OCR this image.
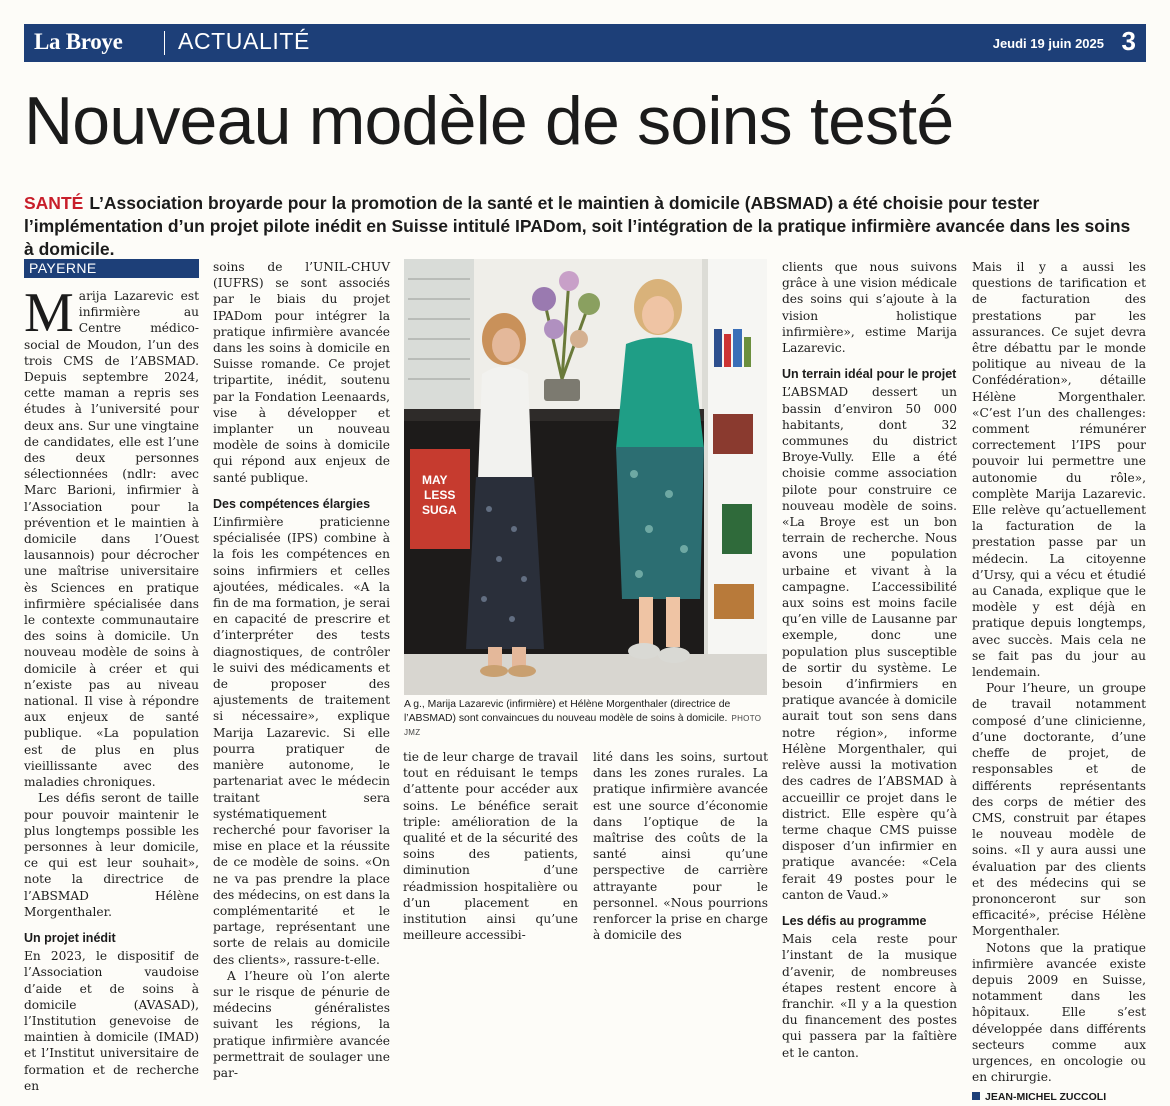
La Broye ACTUALITÉ	Jeudi 19 juin 2025 3
Nouveau modèle de soins testé

SANTÉ L’Association broyarde pour la promotion de la santé et le maintien à domicile (ABSMAD) a été choisie pour tester l’implémentation d’un projet pilote inédit en Suisse intitulé IPADom, soit l’intégration de la pratique infirmière avancée dans les soins à domicile.

PAYERNE

Marija Lazarevic est infirmière au Centre médico-social de Moudon, l’un des trois CMS de l’ABSMAD. Depuis septembre 2024, cette maman a repris ses études à l’université pour deux ans. Sur une vingtaine de candidates, elle est l’une des deux personnes sélectionnées (ndlr: avec Marc Barioni, infirmier à l’Association pour la prévention et le maintien à domicile dans l’Ouest lausannois) pour décrocher une maîtrise universitaire ès Sciences en pratique infirmière spécialisée dans le contexte communautaire des soins à domicile. Un nouveau modèle de soins à domicile à créer et qui n’existe pas au niveau national. Il vise à répondre aux enjeux de santé publique. «La population est de plus en plus vieillissante avec des maladies chroniques.

Les défis seront de taille pour pouvoir maintenir le plus longtemps possible les personnes à leur domicile, ce qui est leur souhait», note la directrice de l’ABSMAD Hélène Morgenthaler.

Un projet inédit

En 2023, le dispositif de l’Association vaudoise d’aide et de soins à domicile (AVASAD), l’Institution genevoise de maintien à domicile (IMAD) et l’Institut universitaire de formation et de recherche en

soins de l’UNIL-CHUV (IUFRS) se sont associés par le biais du projet IPADom pour intégrer la pratique infirmière avancée dans les soins à domicile en Suisse romande. Ce projet tripartite, inédit, soutenu par la Fondation Leenaards, vise à développer et implanter un nouveau modèle de soins à domicile qui répond aux enjeux de santé publique.

Des compétences élargies

L’infirmière praticienne spécialisée (IPS) combine à la fois les compétences en soins infirmiers et celles ajoutées, médicales. «A la fin de ma formation, je serai en capacité de prescrire et d’interpréter des tests diagnostiques, de contrôler le suivi des médicaments et de proposer des ajustements de traitement si nécessaire», explique Marija Lazarevic. Si elle pourra pratiquer de manière autonome, le partenariat avec le médecin traitant sera systématiquement recherché pour favoriser la mise en place et la réussite de ce modèle de soins. «On ne va pas prendre la place des médecins, on est dans la complémentarité et le partage, représentant une sorte de relais au domicile des clients», rassure-t-elle.

A l’heure où l’on alerte sur le risque de pénurie de médecins généralistes suivant les régions, la pratique infirmière avancée permettrait de soulager une par-

MAY
LESS
SUGA
A g., Marija Lazarevic (infirmière) et Hélène Morgenthaler (directrice de l’ABSMAD) sont convaincues du nouveau modèle de soins à domicile. PHOTO JMZ

tie de leur charge de travail tout en réduisant le temps d’attente pour accéder aux soins. Le bénéfice serait triple: amélioration de la qualité et de la sécurité des soins des patients, diminution d’une réadmission hospitalière ou d’un placement en institution ainsi qu’une meilleure accessibi-

lité dans les soins, surtout dans les zones rurales. La pratique infirmière avancée est une source d’économie dans l’optique de la maîtrise des coûts de la santé ainsi qu’une perspective de carrière attrayante pour le personnel. «Nous pourrions renforcer la prise en charge à domicile des

clients que nous suivons grâce à une vision médicale des soins qui s’ajoute à la vision holistique infirmière», estime Marija Lazarevic.

Un terrain idéal pour le projet

L’ABSMAD dessert un bassin d’environ 50 000 habitants, dont 32 communes du district Broye-Vully. Elle a été choisie comme association pilote pour construire ce nouveau modèle de soins. «La Broye est un bon terrain de recherche. Nous avons une population urbaine et vivant à la campagne. L’accessibilité aux soins est moins facile qu’en ville de Lausanne par exemple, donc une population plus susceptible de sortir du système. Le besoin d’infirmiers en pratique avancée à domicile aurait tout son sens dans notre région», informe Hélène Morgenthaler, qui relève aussi la motivation des cadres de l’ABSMAD à accueillir ce projet dans le district. Elle espère qu’à terme chaque CMS puisse disposer d’un infirmier en pratique avancée: «Cela ferait 49 postes pour le canton de Vaud.»

Les défis au programme

Mais cela reste pour l’instant de la musique d’avenir, de nombreuses étapes restent encore à franchir. «Il y a la question du financement des postes qui passera par la faîtière et le canton.

Mais il y a aussi les questions de tarification et de facturation des prestations par les assurances. Ce sujet devra être débattu par le monde politique au niveau de la Confédération», détaille Hélène Morgenthaler. «C’est l’un des challenges: comment rémunérer correctement l’IPS pour pouvoir lui permettre une autonomie du rôle», complète Marija Lazarevic. Elle relève qu’actuellement la facturation de la prestation passe par un médecin. La citoyenne d’Ursy, qui a vécu et étudié au Canada, explique que le modèle y est déjà en pratique depuis longtemps, avec succès. Mais cela ne se fait pas du jour au lendemain.

Pour l’heure, un groupe de travail notamment composé d’une clinicienne, d’une doctorante, d’une cheffe de projet, de responsables et de différents représentants des corps de métier des CMS, construit par étapes le nouveau modèle de soins. «Il y aura aussi une évaluation par des clients et des médecins qui se prononceront sur son efficacité», précise Hélène Morgenthaler.

Notons que la pratique infirmière avancée existe depuis 2009 en Suisse, notamment dans les hôpitaux. Elle s’est développée dans différents secteurs comme aux urgences, en oncologie ou en chirurgie.

JEAN-MICHEL ZUCCOLI
